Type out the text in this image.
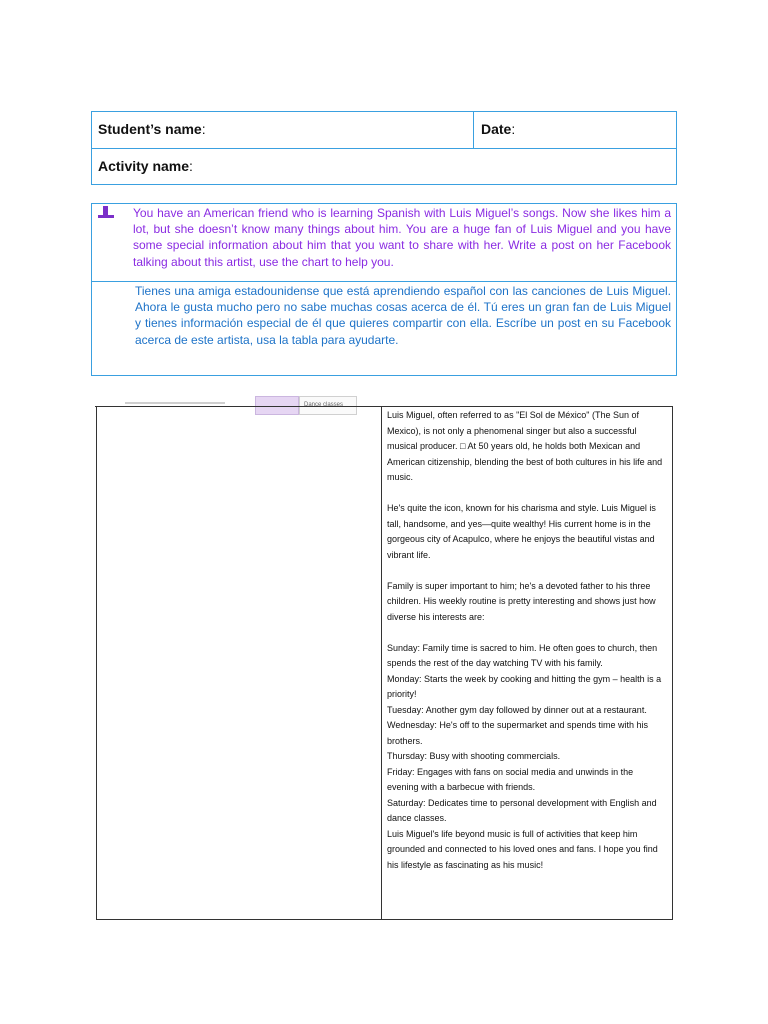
Student’s name:	Date:
Activity name:
You have an American friend who is learning Spanish with Luis Miguel’s songs. Now she likes him a lot, but she doesn’t know many things about him. You are a huge fan of Luis Miguel and you have some special information about him that you want to share with her. Write a post on her Facebook talking about this artist, use the chart to help you.
Tienes una amiga estadounidense que está aprendiendo español con las canciones de Luis Miguel. Ahora le gusta mucho pero no sabe muchas cosas acerca de él. Tú eres un gran fan de Luis Miguel y tienes información especial de él que quieres compartir con ella. Escríbe un post en su Facebook acerca de este artista, usa la tabla para ayudarte.
Dance classes

Luis Miguel, often referred to as "El Sol de México" (The Sun of Mexico), is not only a phenomenal singer but also a successful musical producer. □ At 50 years old, he holds both Mexican and American citizenship, blending the best of both cultures in his life and music.

He's quite the icon, known for his charisma and style. Luis Miguel is tall, handsome, and yes—quite wealthy! His current home is in the gorgeous city of Acapulco, where he enjoys the beautiful vistas and vibrant life.

Family is super important to him; he's a devoted father to his three children. His weekly routine is pretty interesting and shows just how diverse his interests are:

Sunday: Family time is sacred to him. He often goes to church, then spends the rest of the day watching TV with his family.

Monday: Starts the week by cooking and hitting the gym – health is a priority!

Tuesday: Another gym day followed by dinner out at a restaurant.

Wednesday: He's off to the supermarket and spends time with his brothers.

Thursday: Busy with shooting commercials.

Friday: Engages with fans on social media and unwinds in the evening with a barbecue with friends.

Saturday: Dedicates time to personal development with English and dance classes.

Luis Miguel's life beyond music is full of activities that keep him grounded and connected to his loved ones and fans. I hope you find his lifestyle as fascinating as his music!
